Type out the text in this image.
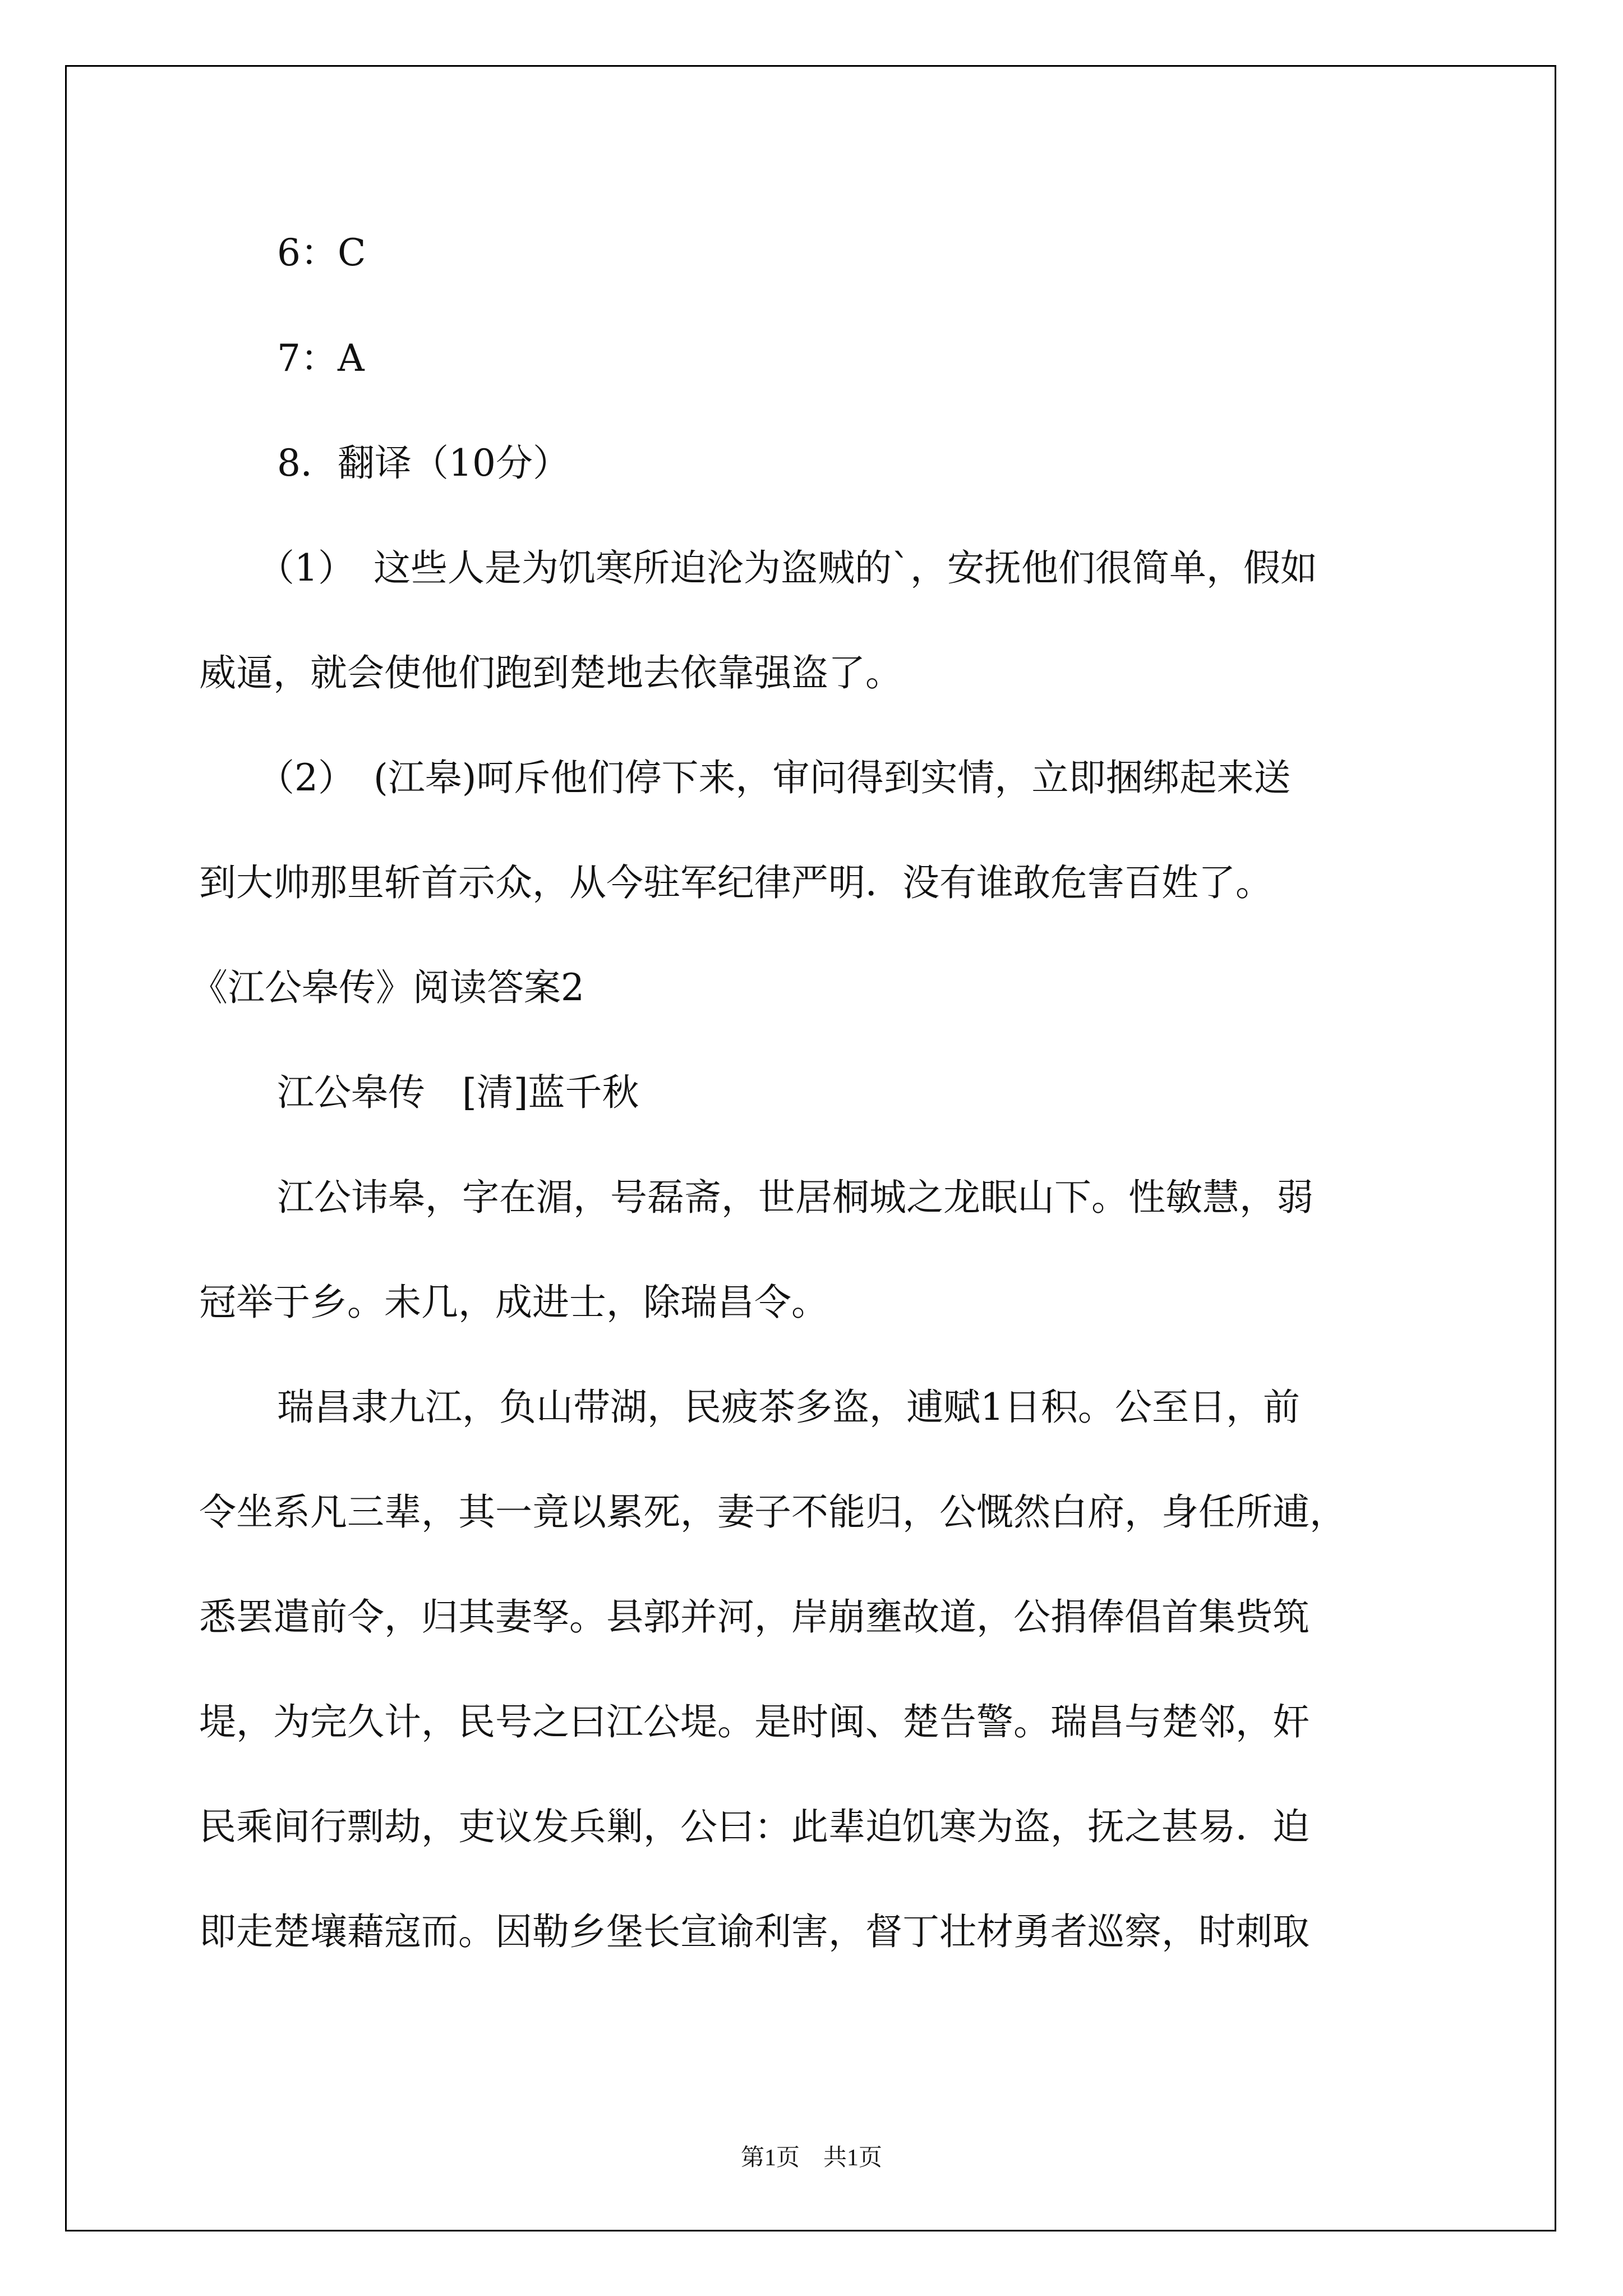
6：C

7：A

8．翻译（10分）

（1）　这些人是为饥寒所迫沦为盗贼的`，安抚他们很简单，假如

威逼，就会使他们跑到楚地去依靠强盗了。

（2）　(江皋)呵斥他们停下来，审问得到实情，立即捆绑起来送

到大帅那里斩首示众，从今驻军纪律严明．没有谁敢危害百姓了。

《江公皋传》阅读答案2

江公皋传　[清]蓝千秋

江公讳皋，字在湄，号磊斋，世居桐城之龙眠山下。性敏慧，弱

冠举于乡。未几，成进士，除瑞昌令。

瑞昌隶九江，负山带湖，民疲茶多盗，逋赋1日积。公至日，前

令坐系凡三辈，其一竟以累死，妻子不能归，公慨然白府，身任所逋，

悉罢遣前令，归其妻孥。县郭并河，岸崩壅故道，公捐俸倡首集赀筑

堤，为完久计，民号之曰江公堤。是时闽、楚告警。瑞昌与楚邻，奸

民乘间行剽劫，吏议发兵剿，公曰：此辈迫饥寒为盗，抚之甚易．迫

即走楚壤藉寇而。因勒乡堡长宣谕利害，督丁壮材勇者巡察，时刺取

第1页　共1页
